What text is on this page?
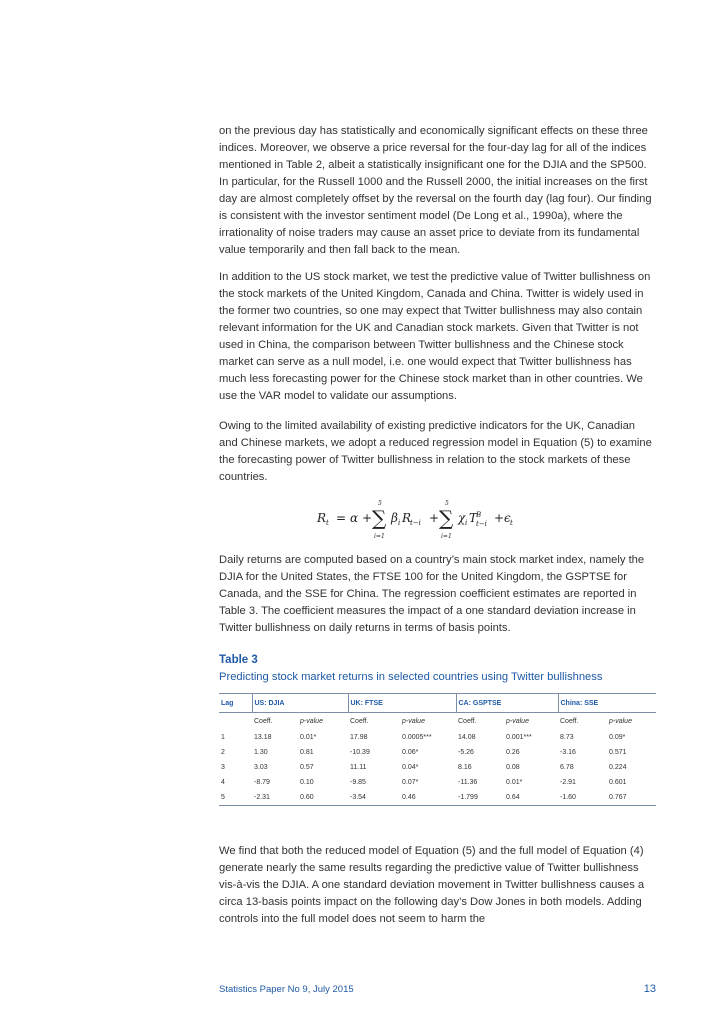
on the previous day has statistically and economically significant effects on these three indices. Moreover, we observe a price reversal for the four-day lag for all of the indices mentioned in Table 2, albeit a statistically insignificant one for the DJIA and the SP500. In particular, for the Russell 1000 and the Russell 2000, the initial increases on the first day are almost completely offset by the reversal on the fourth day (lag four). Our finding is consistent with the investor sentiment model (De Long et al., 1990a), where the irrationality of noise traders may cause an asset price to deviate from its fundamental value temporarily and then fall back to the mean.

In addition to the US stock market, we test the predictive value of Twitter bullishness on the stock markets of the United Kingdom, Canada and China. Twitter is widely used in the former two countries, so one may expect that Twitter bullishness may also contain relevant information for the UK and Canadian stock markets. Given that Twitter is not used in China, the comparison between Twitter bullishness and the Chinese stock market can serve as a null model, i.e. one would expect that Twitter bullishness has much less forecasting power for the Chinese stock market than in other countries. We use the VAR model to validate our assumptions.

Owing to the limited availability of existing predictive indicators for the UK, Canadian and Chinese markets, we adopt a reduced regression model in Equation (5) to examine the forecasting power of Twitter bullishness in relation to the stock markets of these countries.

R t = α + ∑
5
i=1
β i R
t−i + ∑
5
i=1
χ i T
B
t−i + ϵ t

Daily returns are computed based on a country’s main stock market index, namely the DJIA for the United States, the FTSE 100 for the United Kingdom, the GSPTSE for Canada, and the SSE for China. The regression coefficient estimates are reported in Table 3. The coefficient measures the impact of a one standard deviation increase in Twitter bullishness on daily returns in terms of basis points.

Table 3
Predicting stock market returns in selected countries using Twitter bullishness
Lag	US: DJIA		UK: FTSE		CA: GSPTSE		China: SSE	
	Coeff.	p-value	Coeff.	p-value	Coeff.	p-value	Coeff.	p-value
1	13.18	0.01*	17.98	0.0005***	14.08	0.001***	8.73	0.09*
2	1.30	0.81	-10.39	0.06*	-5.26	0.26	-3.16	0.571
3	3.03	0.57	11.11	0.04*	8.16	0.08	6.78	0.224
4	-8.79	0.10	-9.85	0.07*	-11.36	0.01*	-2.91	0.601
5	-2.31	0.60	-3.54	0.46	-1.799	0.64	-1.60	0.767

We find that both the reduced model of Equation (5) and the full model of Equation (4) generate nearly the same results regarding the predictive value of Twitter bullishness vis-à-vis the DJIA. A one standard deviation movement in Twitter bullishness causes a circa 13-basis points impact on the following day’s Dow Jones in both models. Adding controls into the full model does not seem to harm the

Statistics Paper No 9, July 2015	13
